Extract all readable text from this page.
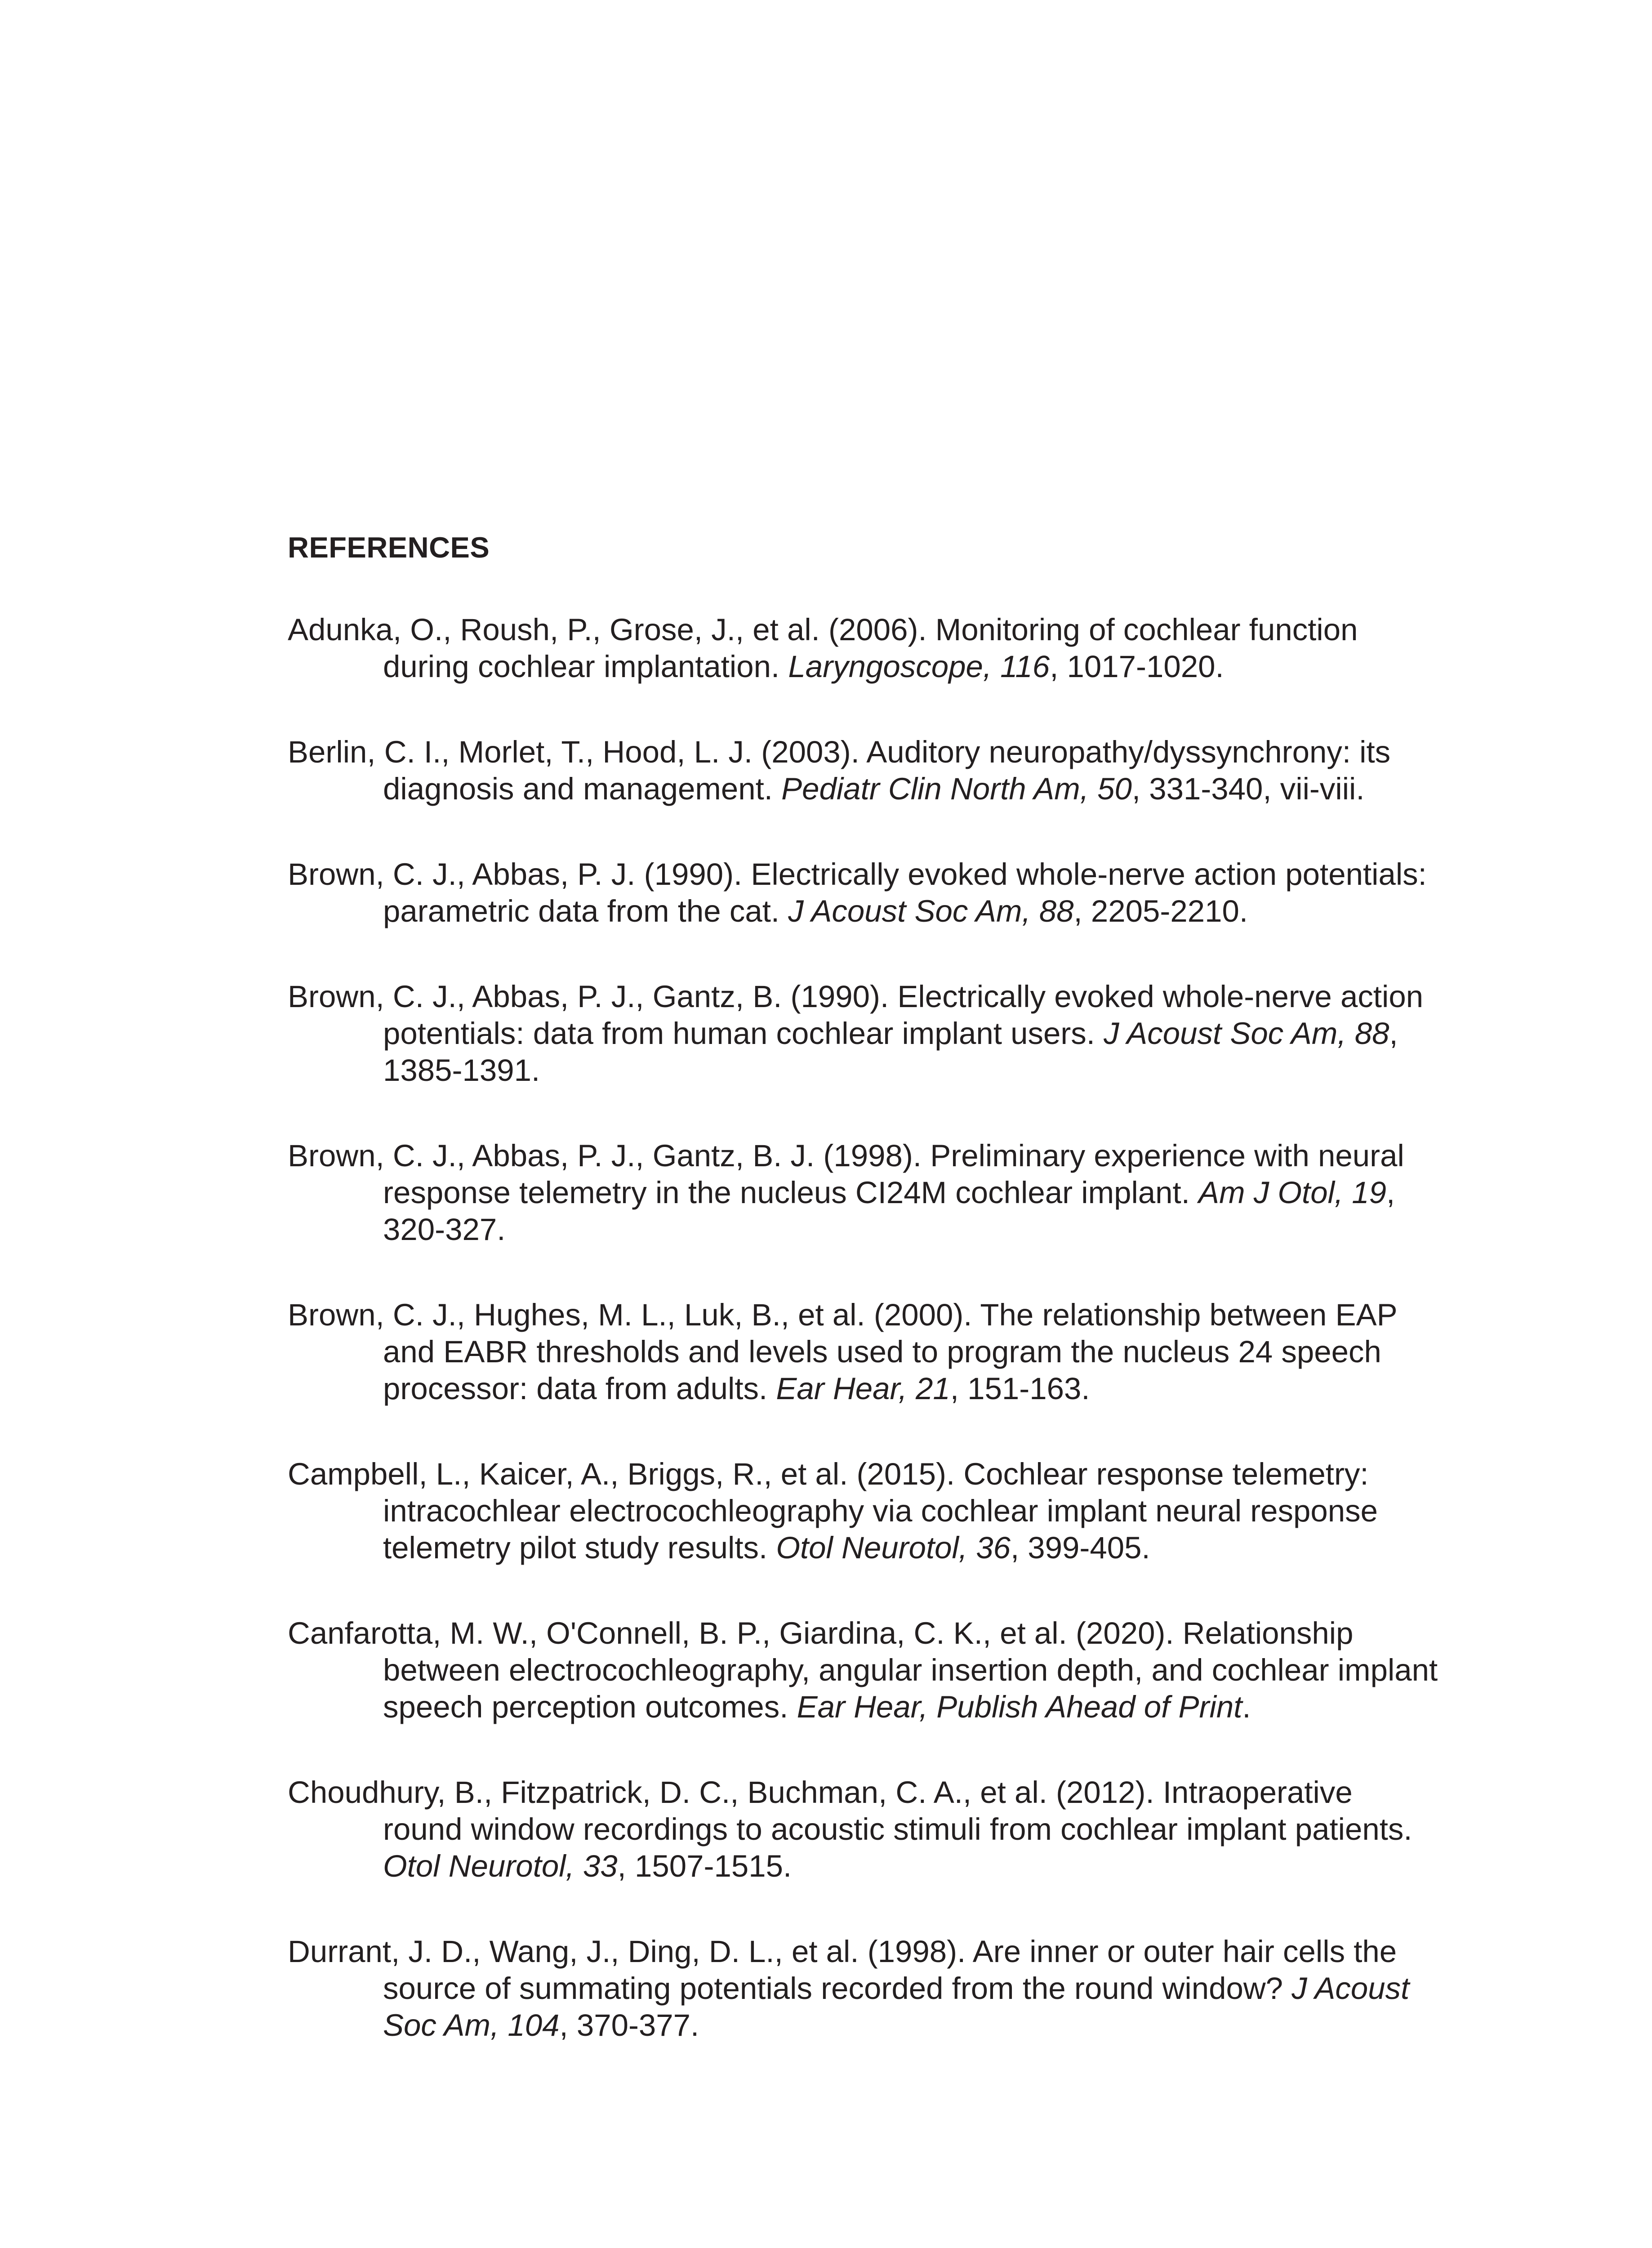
REFERENCES
Adunka, O., Roush, P., Grose, J., et al. (2006). Monitoring of cochlear function during cochlear implantation. Laryngoscope, 116, 1017-1020.
Berlin, C. I., Morlet, T., Hood, L. J. (2003). Auditory neuropathy/dyssynchrony: its diagnosis and management. Pediatr Clin North Am, 50, 331-340, vii-viii.
Brown, C. J., Abbas, P. J. (1990). Electrically evoked whole-nerve action potentials: parametric data from the cat. J Acoust Soc Am, 88, 2205-2210.
Brown, C. J., Abbas, P. J., Gantz, B. (1990). Electrically evoked whole-nerve action potentials: data from human cochlear implant users. J Acoust Soc Am, 88, 1385-1391.
Brown, C. J., Abbas, P. J., Gantz, B. J. (1998). Preliminary experience with neural response telemetry in the nucleus CI24M cochlear implant. Am J Otol, 19, 320-327.
Brown, C. J., Hughes, M. L., Luk, B., et al. (2000). The relationship between EAP and EABR thresholds and levels used to program the nucleus 24 speech processor: data from adults. Ear Hear, 21, 151-163.
Campbell, L., Kaicer, A., Briggs, R., et al. (2015). Cochlear response telemetry: intracochlear electrocochleography via cochlear implant neural response telemetry pilot study results. Otol Neurotol, 36, 399-405.
Canfarotta, M. W., O'Connell, B. P., Giardina, C. K., et al. (2020). Relationship between electrocochleography, angular insertion depth, and cochlear implant speech perception outcomes. Ear Hear, Publish Ahead of Print.
Choudhury, B., Fitzpatrick, D. C., Buchman, C. A., et al. (2012). Intraoperative round window recordings to acoustic stimuli from cochlear implant patients. Otol Neurotol, 33, 1507-1515.
Durrant, J. D., Wang, J., Ding, D. L., et al. (1998). Are inner or outer hair cells the source of summating potentials recorded from the round window? J Acoust Soc Am, 104, 370-377.
